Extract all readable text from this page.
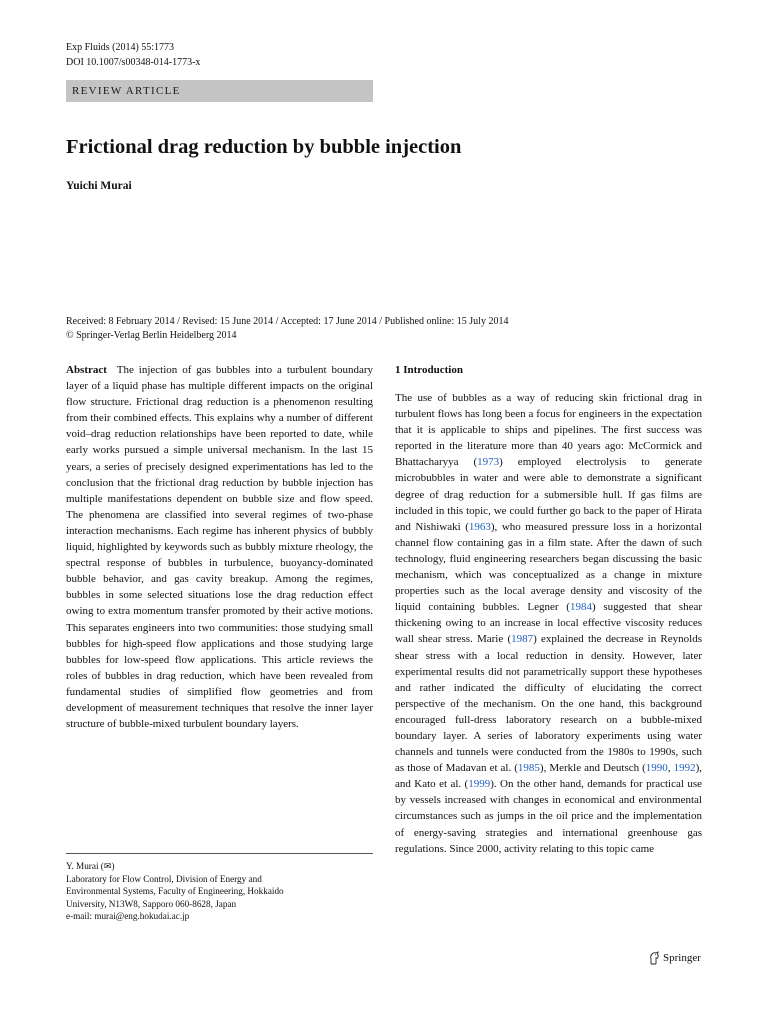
Exp Fluids (2014) 55:1773
DOI 10.1007/s00348-014-1773-x
REVIEW ARTICLE
Frictional drag reduction by bubble injection
Yuichi Murai
Received: 8 February 2014 / Revised: 15 June 2014 / Accepted: 17 June 2014 / Published online: 15 July 2014
© Springer-Verlag Berlin Heidelberg 2014

Abstract The injection of gas bubbles into a turbulent boundary layer of a liquid phase has multiple different impacts on the original flow structure. Frictional drag reduction is a phenomenon resulting from their combined effects. This explains why a number of different void–drag reduction relationships have been reported to date, while early works pursued a simple universal mechanism. In the last 15 years, a series of precisely designed experimentations has led to the conclusion that the frictional drag reduction by bubble injection has multiple manifestations dependent on bubble size and flow speed. The phenomena are classified into several regimes of two-phase interaction mechanisms. Each regime has inherent physics of bubbly liquid, highlighted by keywords such as bubbly mixture rheology, the spectral response of bubbles in turbulence, buoyancy-dominated bubble behavior, and gas cavity breakup. Among the regimes, bubbles in some selected situations lose the drag reduction effect owing to extra momentum transfer promoted by their active motions. This separates engineers into two communities: those studying small bubbles for high-speed flow applications and those studying large bubbles for low-speed flow applications. This article reviews the roles of bubbles in drag reduction, which have been revealed from fundamental studies of simplified flow geometries and from development of measurement techniques that resolve the inner layer structure of bubble-mixed turbulent boundary layers.

Y. Murai (✉)
Laboratory for Flow Control, Division of Energy and
Environmental Systems, Faculty of Engineering, Hokkaido
University, N13W8, Sapporo 060-8628, Japan
e-mail: murai@eng.hokudai.ac.jp
1 Introduction

The use of bubbles as a way of reducing skin frictional drag in turbulent flows has long been a focus for engineers in the expectation that it is applicable to ships and pipelines. The first success was reported in the literature more than 40 years ago: McCormick and Bhattacharyya (1973) employed electrolysis to generate microbubbles in water and were able to demonstrate a significant degree of drag reduction for a submersible hull. If gas films are included in this topic, we could further go back to the paper of Hirata and Nishiwaki (1963), who measured pressure loss in a horizontal channel flow containing gas in a film state. After the dawn of such technology, fluid engineering researchers began discussing the basic mechanism, which was conceptualized as a change in mixture properties such as the local average density and viscosity of the liquid containing bubbles. Legner (1984) suggested that shear thickening owing to an increase in local effective viscosity reduces wall shear stress. Marie (1987) explained the decrease in Reynolds shear stress with a local reduction in density. However, later experimental results did not parametrically support these hypotheses and rather indicated the difficulty of elucidating the correct perspective of the mechanism. On the one hand, this background encouraged full-dress laboratory research on a bubble-mixed boundary layer. A series of laboratory experiments using water channels and tunnels were conducted from the 1980s to 1990s, such as those of Madavan et al. (1985), Merkle and Deutsch (1990, 1992), and Kato et al. (1999). On the other hand, demands for practical use by vessels increased with changes in economical and environmental circumstances such as jumps in the oil price and the implementation of energy-saving strategies and international greenhouse gas regulations. Since 2000, activity relating to this topic came

Springer
